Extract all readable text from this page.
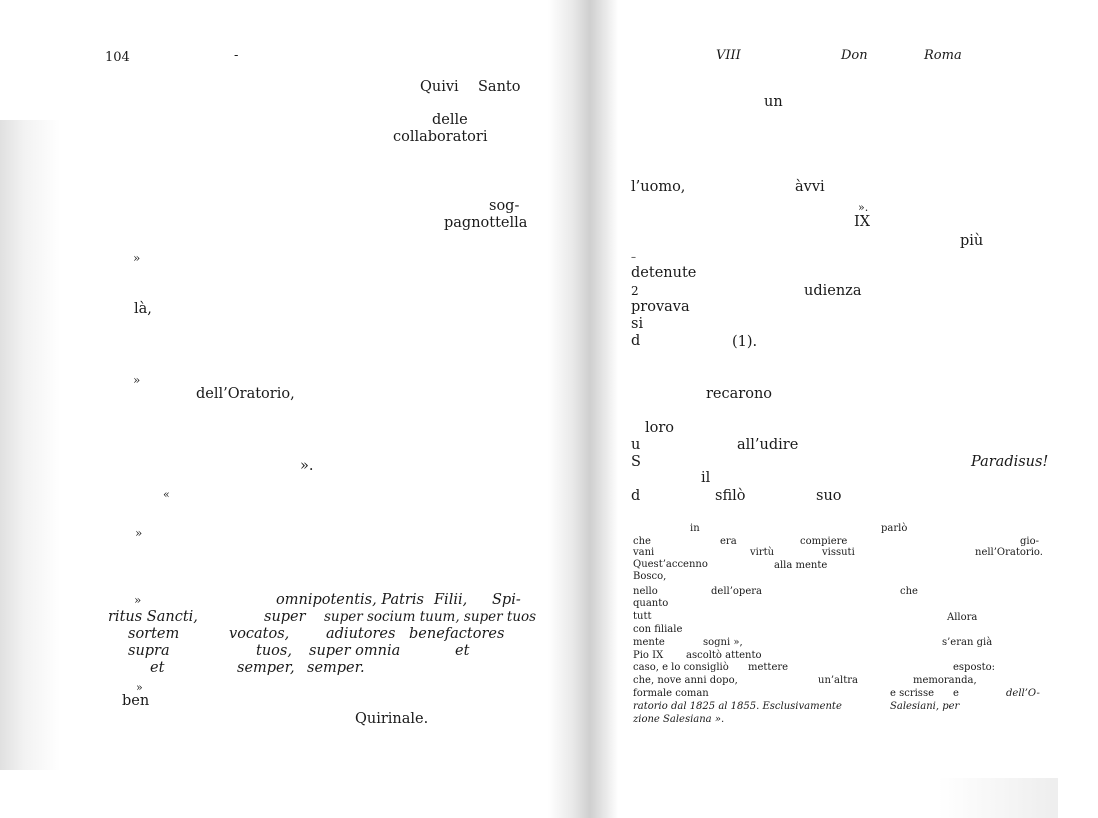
104	-
Quivi Santo
delle
collaboratori
sog-
pagnottella
»
là,
»
dell’Oratorio,
».
«
»
»	omnipotentis, Patris Filii, Spi-
ritus Sancti,	super super socium tuum, super tuos
sortem	vocatos,	adiutores benefactores
supra	tuos, super omnia	et
et	semper, semper.
»
ben
Quirinale.
VIII	Don	Roma
un
l’uomo,	àvvi
».
IX
più
–
detenute
2	udienza
provava
si
d	(1).
recarono
loro
u	all’udire
S	Paradisus!
il
d	sfilò	suo
in	parlò
che	era	compiere	gio-
vani	virtù	vissuti	nell’Oratorio.
Quest’accenno	alla mente
Bosco,
nello	dell’opera	che
quanto
tutt	Allora
con filiale
mente	sogni »,	s’eran già
Pio IX ascoltò attento
caso, e lo consigliò mettere	esposto:
che, nove anni dopo,	un’altra	memoranda,
formale coman	e scrisse e	dell’O-
ratorio dal 1825 al 1855. Esclusivamente	Salesiani, per
zione Salesiana ».
